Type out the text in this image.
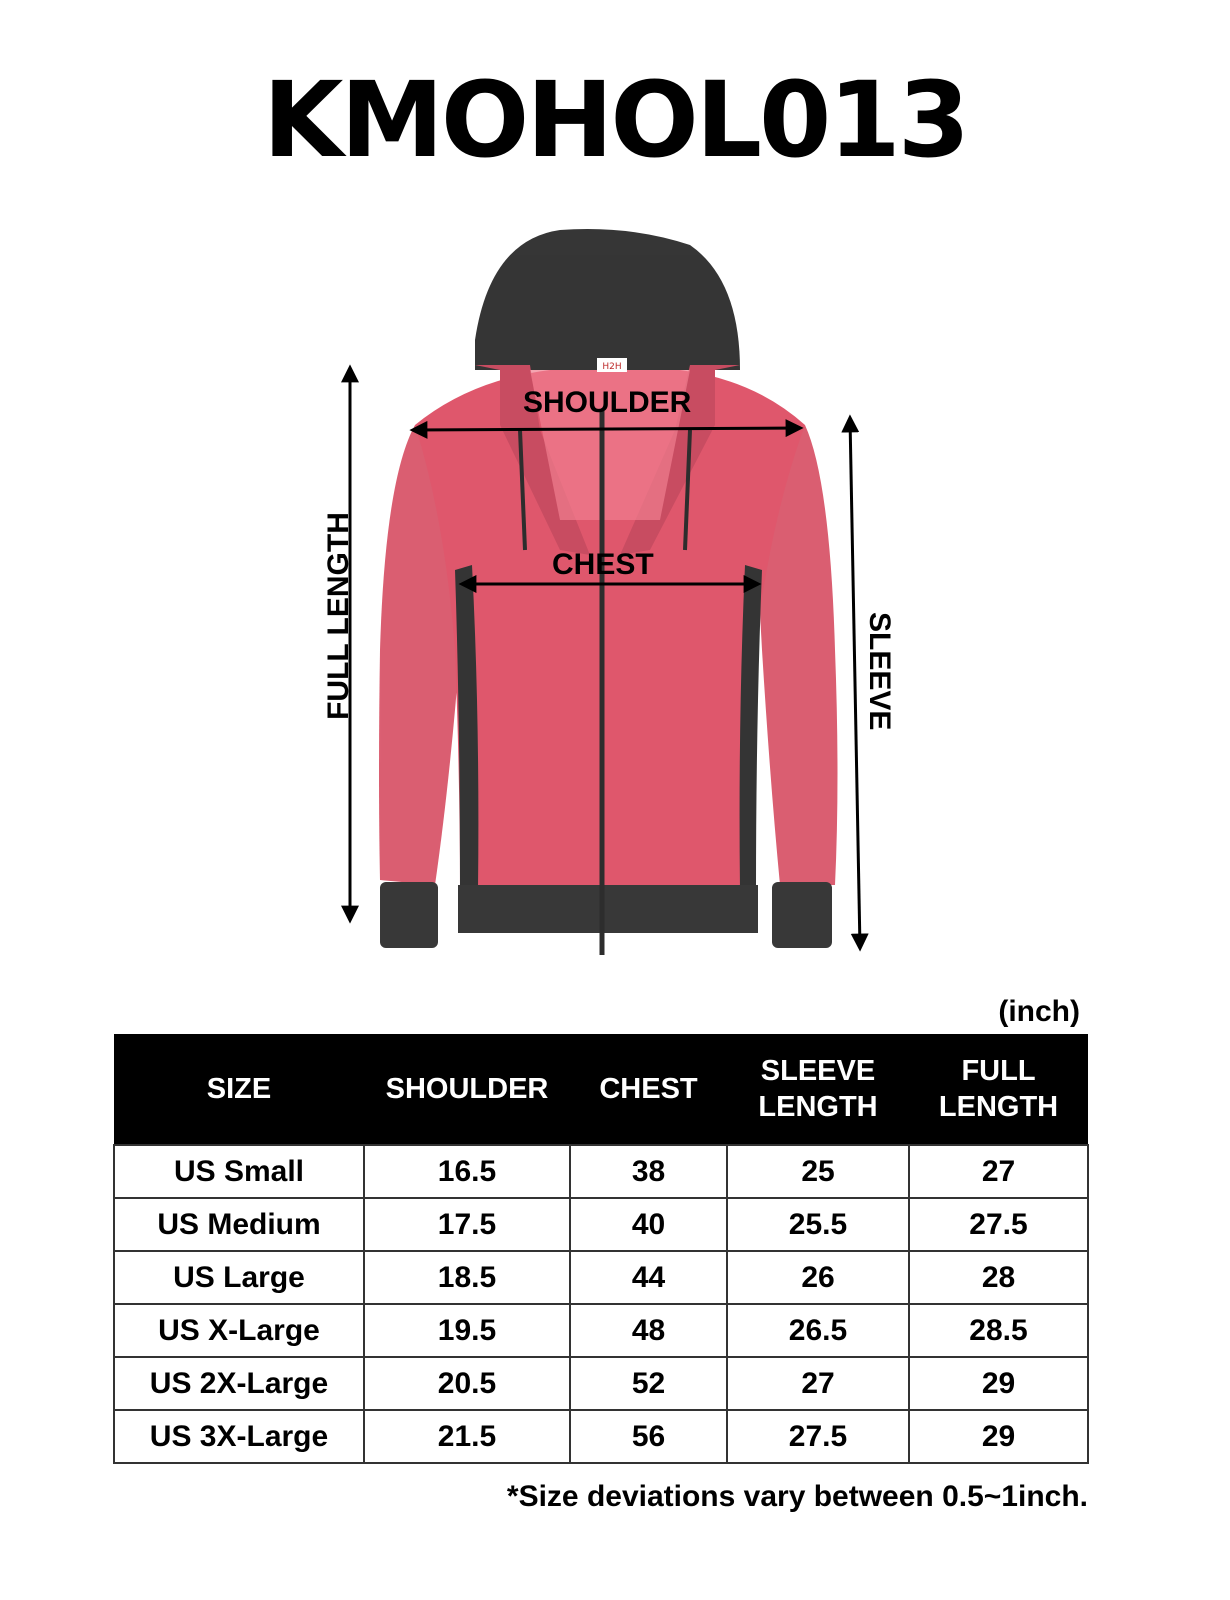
KMOHOL013
H2H
SHOULDER
CHEST
FULL LENGTH	SLEEVE
(inch)
SIZE	SHOULDER	CHEST	SLEEVE LENGTH	FULL LENGTH
US Small	16.5	38	25	27
US Medium	17.5	40	25.5	27.5
US Large	18.5	44	26	28
US X-Large	19.5	48	26.5	28.5
US 2X-Large	20.5	52	27	29
US 3X-Large	21.5	56	27.5	29
*Size deviations vary between 0.5~1inch.
